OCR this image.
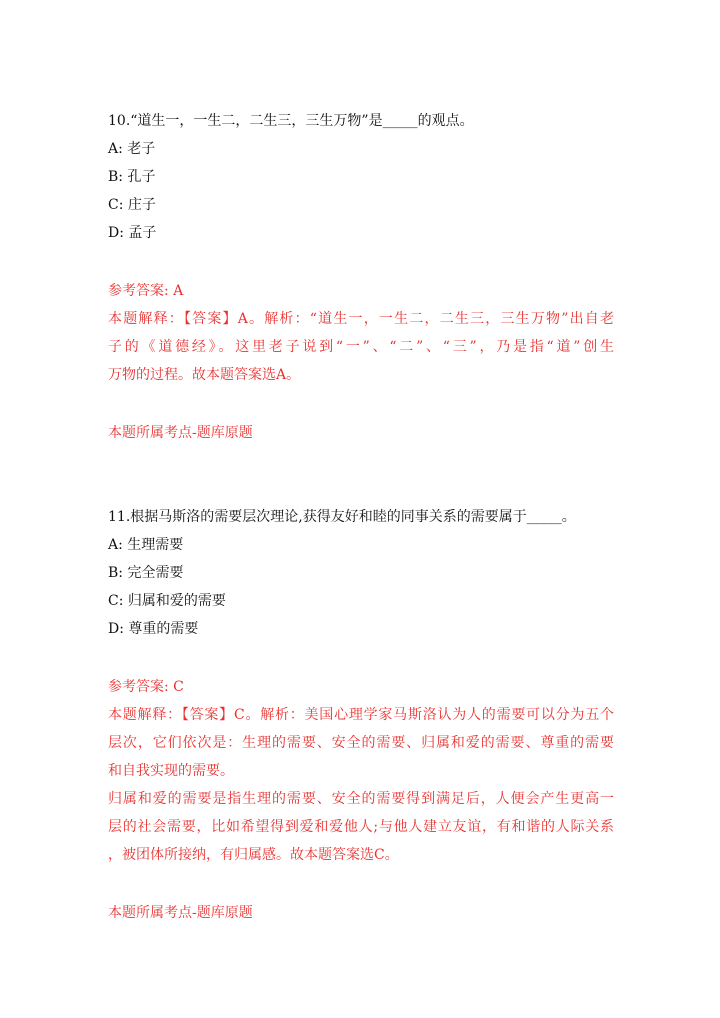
10.“道生一，一生二，二生三，三生万物”是_____的观点。
A: 老子
B: 孔子
C: 庄子
D: 孟子
参考答案: A
本题解释：【答案】A。解析：“道生一，一生二，二生三，三生万物”出自老
子的《道德经》。这里老子说到“一”、“二”、“三”，乃是指“道”创生
万物的过程。故本题答案选A。
本题所属考点-题库原题
11.根据马斯洛的需要层次理论,获得友好和睦的同事关系的需要属于_____。
A: 生理需要
B: 完全需要
C: 归属和爱的需要
D: 尊重的需要
参考答案: C
本题解释：【答案】C。解析：美国心理学家马斯洛认为人的需要可以分为五个
层次，它们依次是：生理的需要、安全的需要、归属和爱的需要、尊重的需要
和自我实现的需要。
归属和爱的需要是指生理的需要、安全的需要得到满足后，人便会产生更高一
层的社会需要，比如希望得到爱和爱他人;与他人建立友谊，有和谐的人际关系
，被团体所接纳，有归属感。故本题答案选C。
本题所属考点-题库原题
